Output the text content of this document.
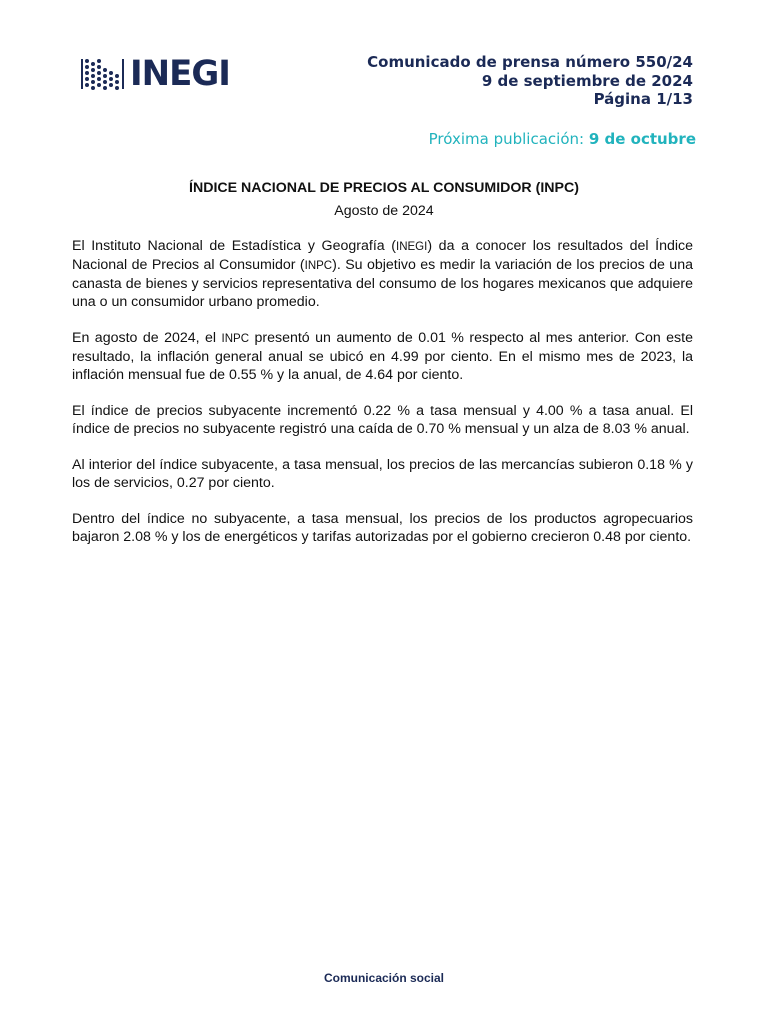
INEGI	Comunicado de prensa número 550/24
9 de septiembre de 2024
Página 1/13
Próxima publicación: 9 de octubre
ÍNDICE NACIONAL DE PRECIOS AL CONSUMIDOR (INPC)
Agosto de 2024

El Instituto Nacional de Estadística y Geografía (INEGI) da a conocer los resultados del Índice Nacional de Precios al Consumidor (INPC). Su objetivo es medir la variación de los precios de una canasta de bienes y servicios representativa del consumo de los hogares mexicanos que adquiere una o un consumidor urbano promedio.

En agosto de 2024, el INPC presentó un aumento de 0.01 % respecto al mes anterior. Con este resultado, la inflación general anual se ubicó en 4.99 por ciento. En el mismo mes de 2023, la inflación mensual fue de 0.55 % y la anual, de 4.64 por ciento.

El índice de precios subyacente incrementó 0.22 % a tasa mensual y 4.00 % a tasa anual. El índice de precios no subyacente registró una caída de 0.70 % mensual y un alza de 8.03 % anual.

Al interior del índice subyacente, a tasa mensual, los precios de las mercancías subieron 0.18 % y los de servicios, 0.27 por ciento.

Dentro del índice no subyacente, a tasa mensual, los precios de los productos agropecuarios bajaron 2.08 % y los de energéticos y tarifas autorizadas por el gobierno crecieron 0.48 por ciento.

Comunicación social
